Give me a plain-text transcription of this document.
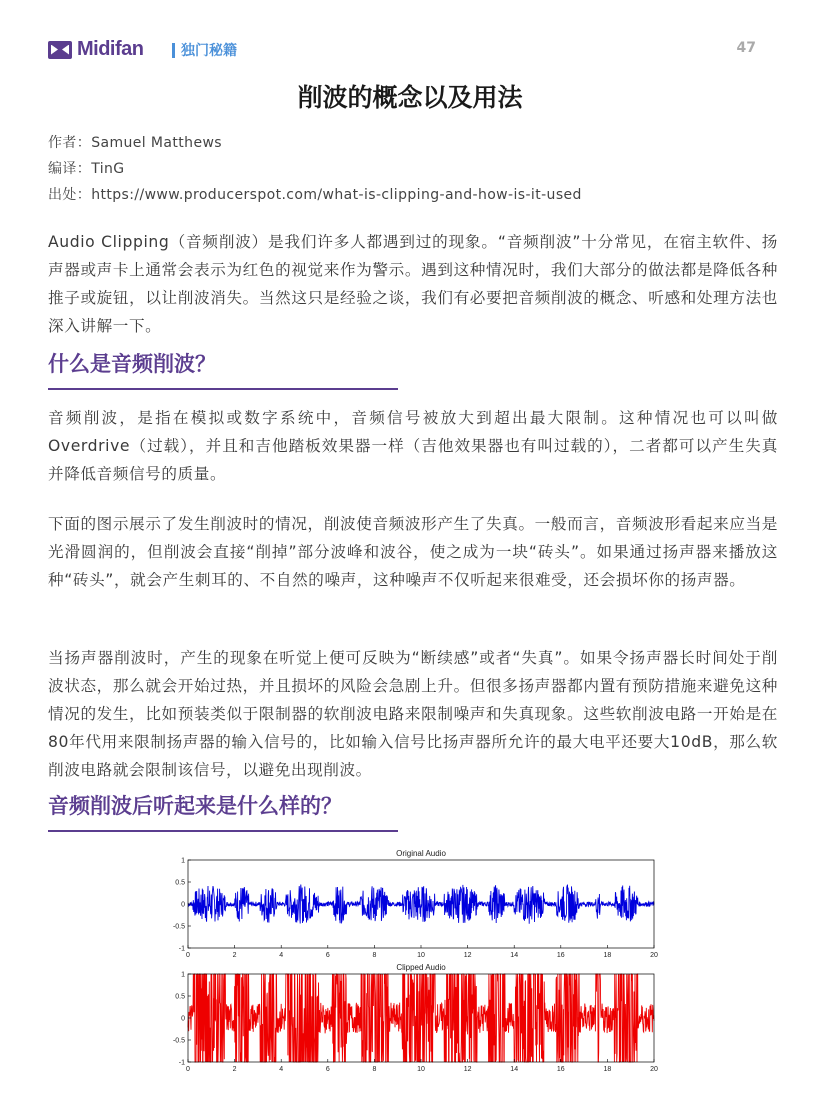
Midifan	独门秘籍	47
削波的概念以及用法
作者：Samuel Matthews
编译：TinG
出处：https://www.producerspot.com/what-is-clipping-and-how-is-it-used
Audio Clipping（音频削波）是我们许多人都遇到过的现象。“音频削波”十分常见，在宿主软件、扬声器或声卡上通常会表示为红色的视觉来作为警示。遇到这种情况时，我们大部分的做法都是降低各种推子或旋钮，以让削波消失。当然这只是经验之谈，我们有必要把音频削波的概念、听感和处理方法也深入讲解一下。
什么是音频削波？
音频削波，是指在模拟或数字系统中，音频信号被放大到超出最大限制。这种情况也可以叫做Overdrive（过载），并且和吉他踏板效果器一样（吉他效果器也有叫过载的），二者都可以产生失真并降低音频信号的质量。
下面的图示展示了发生削波时的情况，削波使音频波形产生了失真。一般而言，音频波形看起来应当是光滑圆润的，但削波会直接“削掉”部分波峰和波谷，使之成为一块“砖头”。如果通过扬声器来播放这种“砖头”，就会产生刺耳的、不自然的噪声，这种噪声不仅听起来很难受，还会损坏你的扬声器。
当扬声器削波时，产生的现象在听觉上便可反映为“断续感”或者“失真”。如果令扬声器长时间处于削波状态，那么就会开始过热，并且损坏的风险会急剧上升。但很多扬声器都内置有预防措施来避免这种情况的发生，比如预装类似于限制器的软削波电路来限制噪声和失真现象。这些软削波电路一开始是在80年代用来限制扬声器的输入信号的，比如输入信号比扬声器所允许的最大电平还要大10dB，那么软削波电路就会限制该信号，以避免出现削波。
音频削波后听起来是什么样的？
Original Audio
1
0.5
0
-0.5
-1
0	2	4	6	8	10	12	14	16	18	20
Clipped Audio
1
0.5
0
-0.5
-1
0	2	4	6	8	10	12	14	16	18	20
